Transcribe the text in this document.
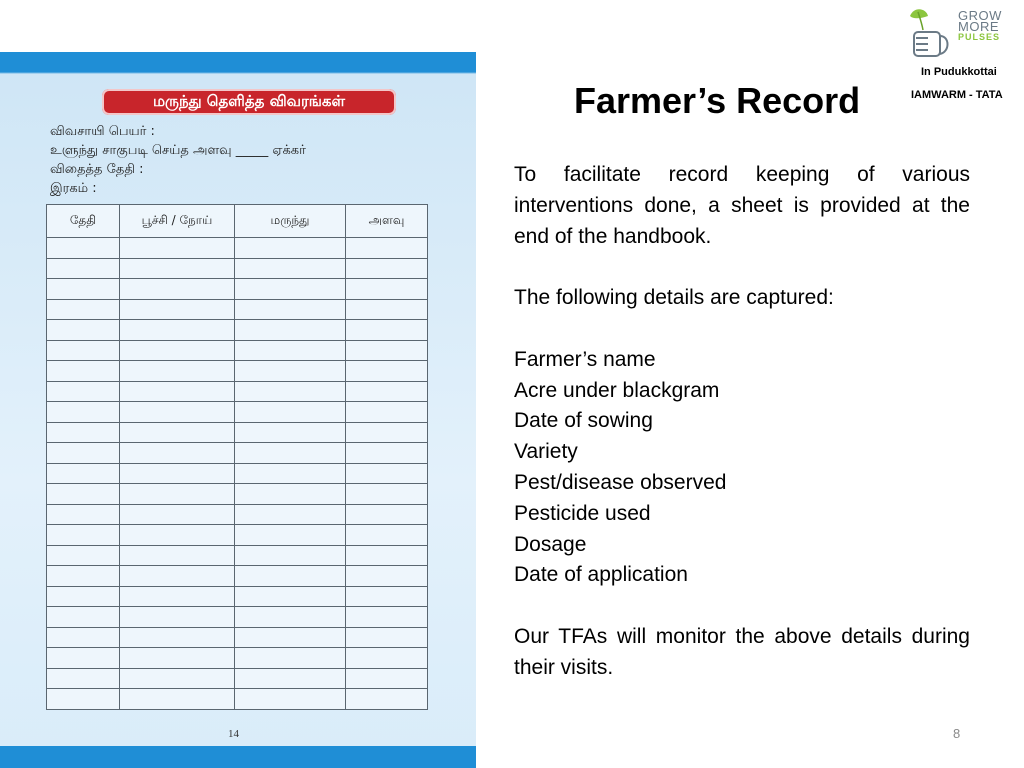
மருந்து தெளித்த விவரங்கள்
விவசாயி பெயர் :
உளுந்து சாகுபடி செய்த அளவு _____ ஏக்கர்
விதைத்த தேதி :
இரகம் :
தேதி	பூச்சி / நோய்	மருந்து	அளவு

14
Farmer’s Record
GROW
MORE
PULSES
In Pudukkottai
IAMWARM - TATA

To facilitate record keeping of various interventions done, a sheet is provided at the end of the handbook.

The following details are captured:

Farmer’s name

Acre under blackgram

Date of sowing

Variety

Pest/disease observed

Pesticide used

Dosage

Date of application

Our TFAs will monitor the above details during their visits.

8
